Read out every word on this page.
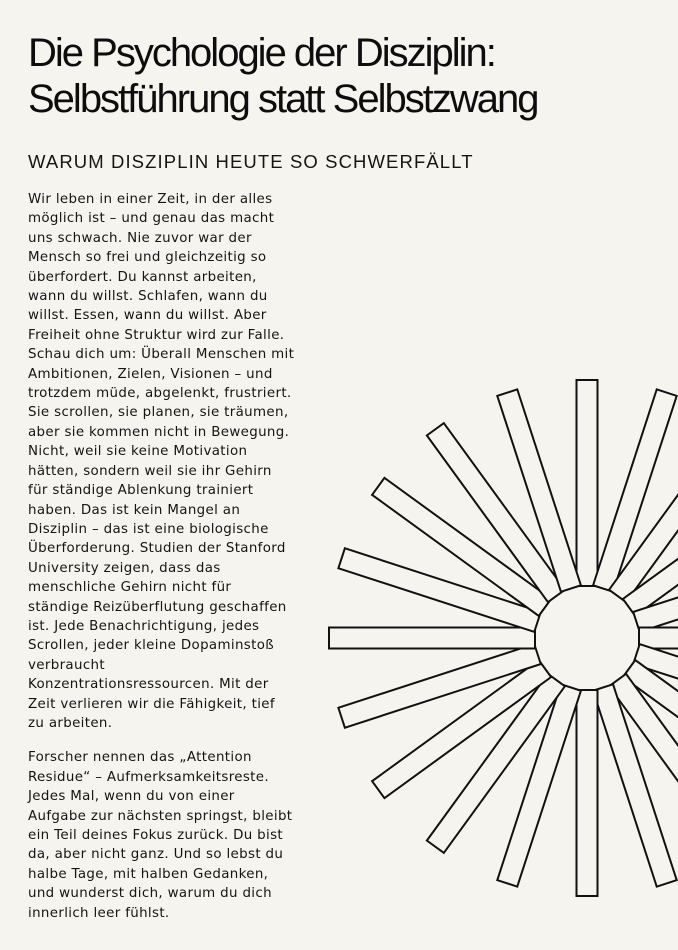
Die Psychologie der Disziplin:
Selbstführung statt Selbstzwang
WARUM DISZIPLIN HEUTE SO SCHWERFÄLLT

Wir leben in einer Zeit, in der alles
möglich ist – und genau das macht
uns schwach. Nie zuvor war der
Mensch so frei und gleichzeitig so
überfordert. Du kannst arbeiten,
wann du willst. Schlafen, wann du
willst. Essen, wann du willst. Aber
Freiheit ohne Struktur wird zur Falle.
Schau dich um: Überall Menschen mit
Ambitionen, Zielen, Visionen – und
trotzdem müde, abgelenkt, frustriert.
Sie scrollen, sie planen, sie träumen,
aber sie kommen nicht in Bewegung.
Nicht, weil sie keine Motivation
hätten, sondern weil sie ihr Gehirn
für ständige Ablenkung trainiert
haben. Das ist kein Mangel an
Disziplin – das ist eine biologische
Überforderung. Studien der Stanford
University zeigen, dass das
menschliche Gehirn nicht für
ständige Reizüberflutung geschaffen
ist. Jede Benachrichtigung, jedes
Scrollen, jeder kleine Dopaminstoß
verbraucht
Konzentrationsressourcen. Mit der
Zeit verlieren wir die Fähigkeit, tief
zu arbeiten.

Forscher nennen das „Attention
Residue“ – Aufmerksamkeitsreste.
Jedes Mal, wenn du von einer
Aufgabe zur nächsten springst, bleibt
ein Teil deines Fokus zurück. Du bist
da, aber nicht ganz. Und so lebst du
halbe Tage, mit halben Gedanken,
und wunderst dich, warum du dich
innerlich leer fühlst.
